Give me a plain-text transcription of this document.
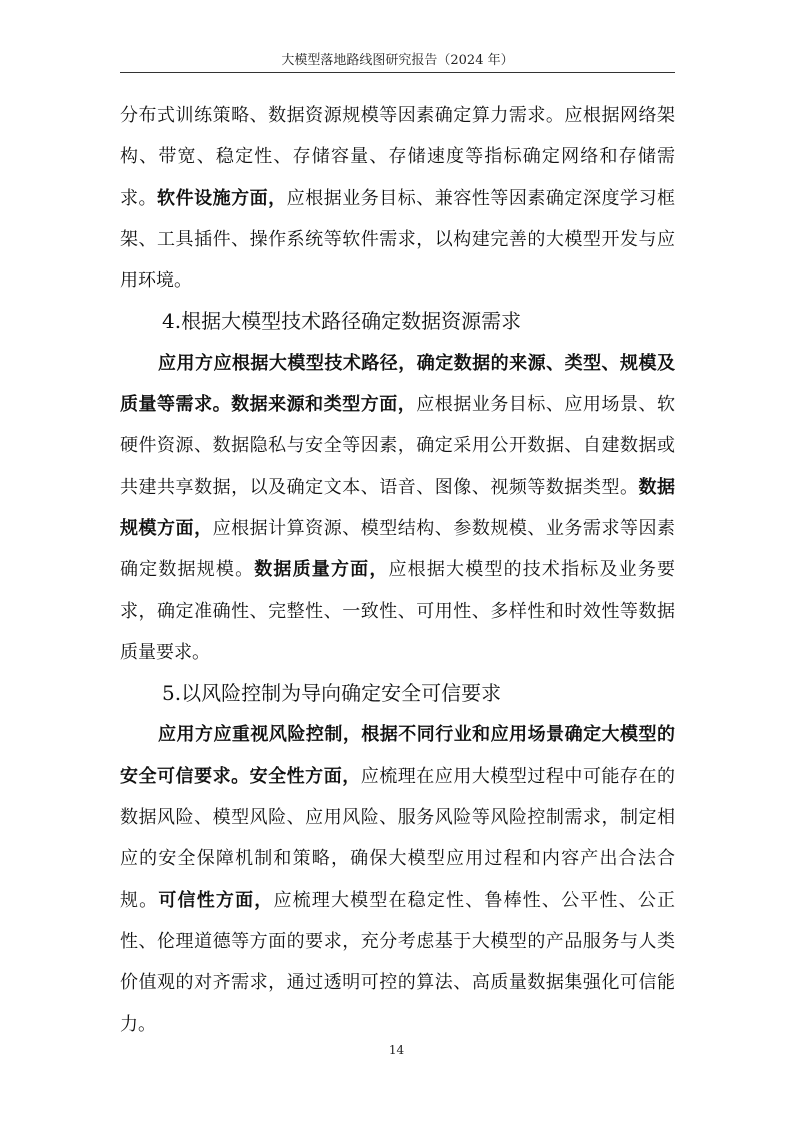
大模型落地路线图研究报告（2024 年）

分布式训练策略、数据资源规模等因素确定算力需求。应根据网络架构、带宽、稳定性、存储容量、存储速度等指标确定网络和存储需求。软件设施方面，应根据业务目标、兼容性等因素确定深度学习框架、工具插件、操作系统等软件需求，以构建完善的大模型开发与应用环境。

4.根据大模型技术路径确定数据资源需求

应用方应根据大模型技术路径，确定数据的来源、类型、规模及质量等需求。数据来源和类型方面，应根据业务目标、应用场景、软硬件资源、数据隐私与安全等因素，确定采用公开数据、自建数据或共建共享数据，以及确定文本、语音、图像、视频等数据类型。数据规模方面，应根据计算资源、模型结构、参数规模、业务需求等因素确定数据规模。数据质量方面，应根据大模型的技术指标及业务要求，确定准确性、完整性、一致性、可用性、多样性和时效性等数据质量要求。

5.以风险控制为导向确定安全可信要求

应用方应重视风险控制，根据不同行业和应用场景确定大模型的安全可信要求。安全性方面，应梳理在应用大模型过程中可能存在的数据风险、模型风险、应用风险、服务风险等风险控制需求，制定相应的安全保障机制和策略，确保大模型应用过程和内容产出合法合规。可信性方面，应梳理大模型在稳定性、鲁棒性、公平性、公正性、伦理道德等方面的要求，充分考虑基于大模型的产品服务与人类价值观的对齐需求，通过透明可控的算法、高质量数据集强化可信能力。

14
